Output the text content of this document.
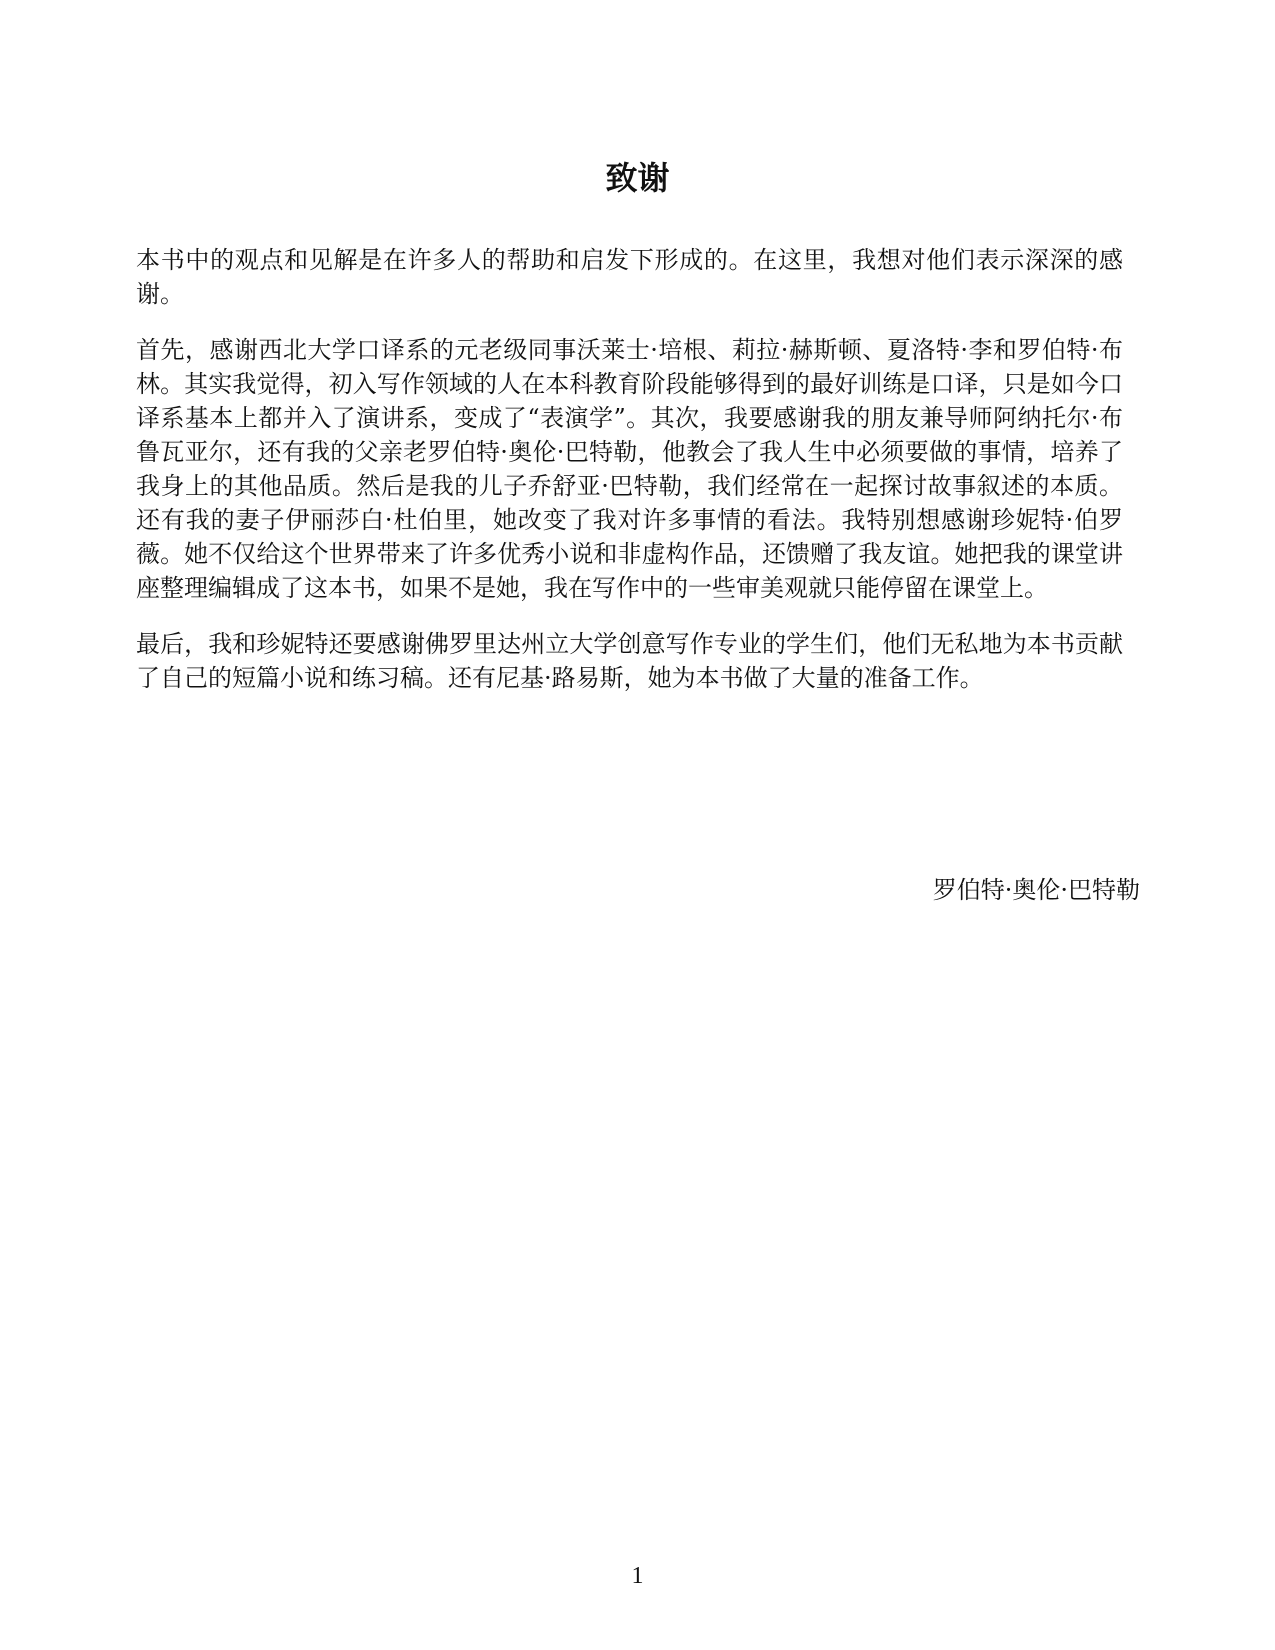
致谢

本书中的观点和见解是在许多人的帮助和启发下形成的。在这里，我想对他们表示深深的感谢。

首先，感谢西北大学口译系的元老级同事沃莱士·培根、莉拉·赫斯顿、夏洛特·李和罗伯特·布林。其实我觉得，初入写作领域的人在本科教育阶段能够得到的最好训练是口译，只是如今口译系基本上都并入了演讲系，变成了“表演学”。其次，我要感谢我的朋友兼导师阿纳托尔·布鲁瓦亚尔，还有我的父亲老罗伯特·奥伦·巴特勒，他教会了我人生中必须要做的事情，培养了我身上的其他品质。然后是我的儿子乔舒亚·巴特勒，我们经常在一起探讨故事叙述的本质。还有我的妻子伊丽莎白·杜伯里，她改变了我对许多事情的看法。我特别想感谢珍妮特·伯罗薇。她不仅给这个世界带来了许多优秀小说和非虚构作品，还馈赠了我友谊。她把我的课堂讲座整理编辑成了这本书，如果不是她，我在写作中的一些审美观就只能停留在课堂上。

最后，我和珍妮特还要感谢佛罗里达州立大学创意写作专业的学生们，他们无私地为本书贡献了自己的短篇小说和练习稿。还有尼基·路易斯，她为本书做了大量的准备工作。

罗伯特·奥伦·巴特勒

1
